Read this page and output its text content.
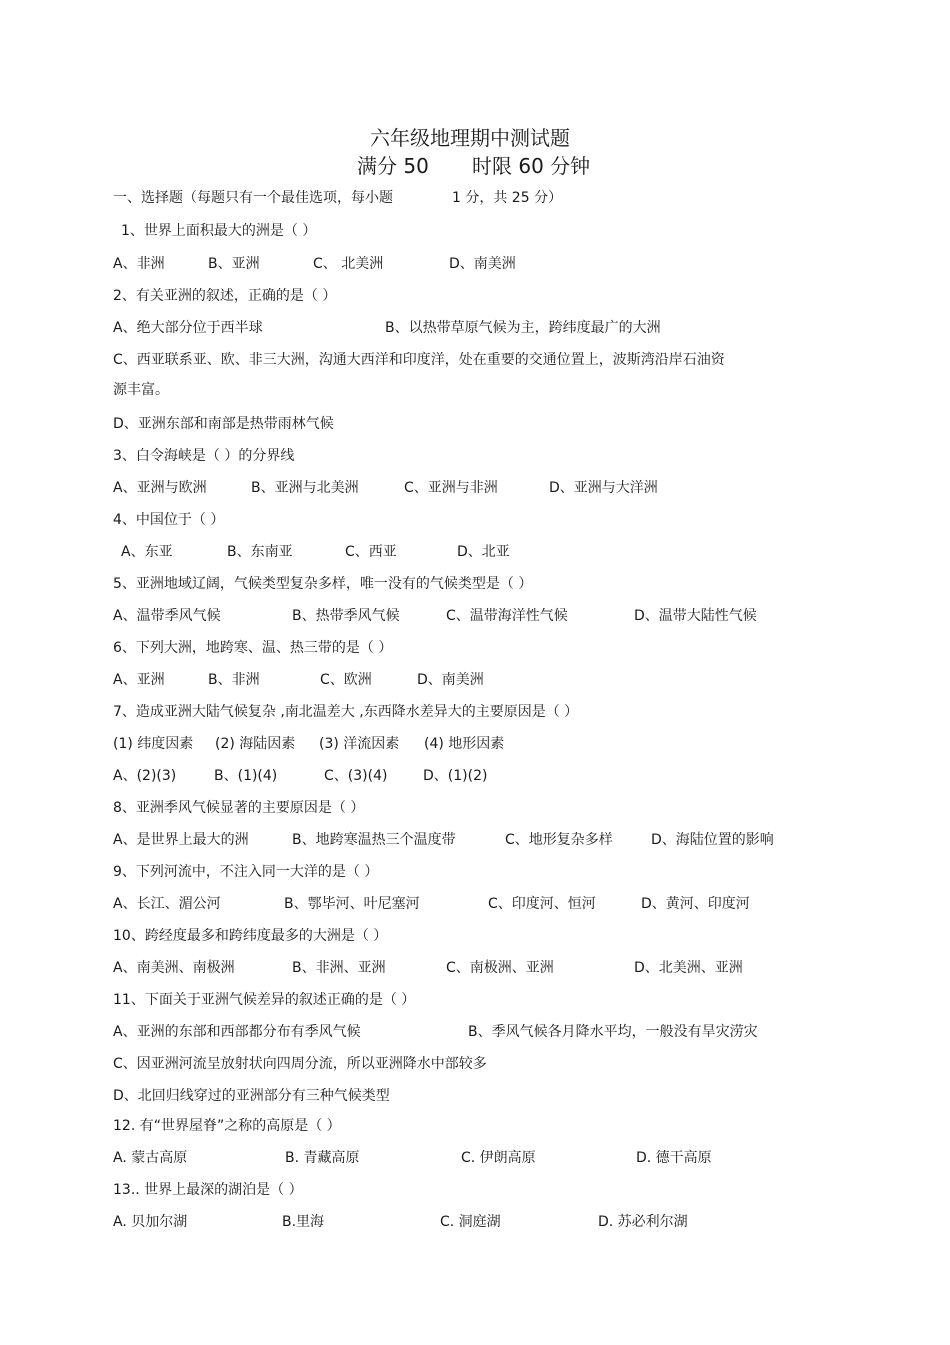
六年级地理期中测试题
满分 50 时限 60 分钟
一、选择题（每题只有一个最佳选项，每小题	1 分，共 25 分）
1、世界上面积最大的洲是（ ）
A、非洲	B、亚洲	C、 北美洲	D、南美洲
2、有关亚洲的叙述，正确的是（ ）
A、绝大部分位于西半球	B、以热带草原气候为主，跨纬度最广的大洲
C、西亚联系亚、欧、非三大洲，沟通大西洋和印度洋，处在重要的交通位置上，波斯湾沿岸石油资
源丰富。
D、亚洲东部和南部是热带雨林气候
3、白令海峡是（ ）的分界线
A、亚洲与欧洲	B、亚洲与北美洲	C、亚洲与非洲	D、亚洲与大洋洲
4、中国位于（ ）
A、东亚	B、东南亚	C、西亚	D、北亚
5、亚洲地域辽阔，气候类型复杂多样，唯一没有的气候类型是（ ）
A、温带季风气候	B、热带季风气候	C、温带海洋性气候	D、温带大陆性气候
6、下列大洲，地跨寒、温、热三带的是（ ）
A、亚洲	B、非洲	C、欧洲	D、南美洲
7、造成亚洲大陆气候复杂 ,南北温差大 ,东西降水差异大的主要原因是（ ）
(1) 纬度因素 (2) 海陆因素 (3) 洋流因素 (4) 地形因素
A、(2)(3)	B、(1)(4)	C、(3)(4)	D、(1)(2)
8、亚洲季风气候显著的主要原因是（ ）
A、是世界上最大的洲	B、地跨寒温热三个温度带	C、地形复杂多样	D、海陆位置的影响
9、下列河流中，不注入同一大洋的是（ ）
A、长江、湄公河	B、鄂毕河、叶尼塞河	C、印度河、恒河	D、黄河、印度河
10、跨经度最多和跨纬度最多的大洲是（ ）
A、南美洲、南极洲	B、非洲、亚洲	C、南极洲、亚洲	D、北美洲、亚洲
11、下面关于亚洲气候差异的叙述正确的是（ ）
A、亚洲的东部和西部都分布有季风气候	B、季风气候各月降水平均，一般没有旱灾涝灾
C、因亚洲河流呈放射状向四周分流，所以亚洲降水中部较多
D、北回归线穿过的亚洲部分有三种气候类型
12. 有“世界屋脊”之称的高原是（ ）
A. 蒙古高原	B. 青藏高原	C. 伊朗高原	D. 德干高原
13.. 世界上最深的湖泊是（ ）
A. 贝加尔湖	B.里海	C. 洞庭湖	D. 苏必利尔湖
